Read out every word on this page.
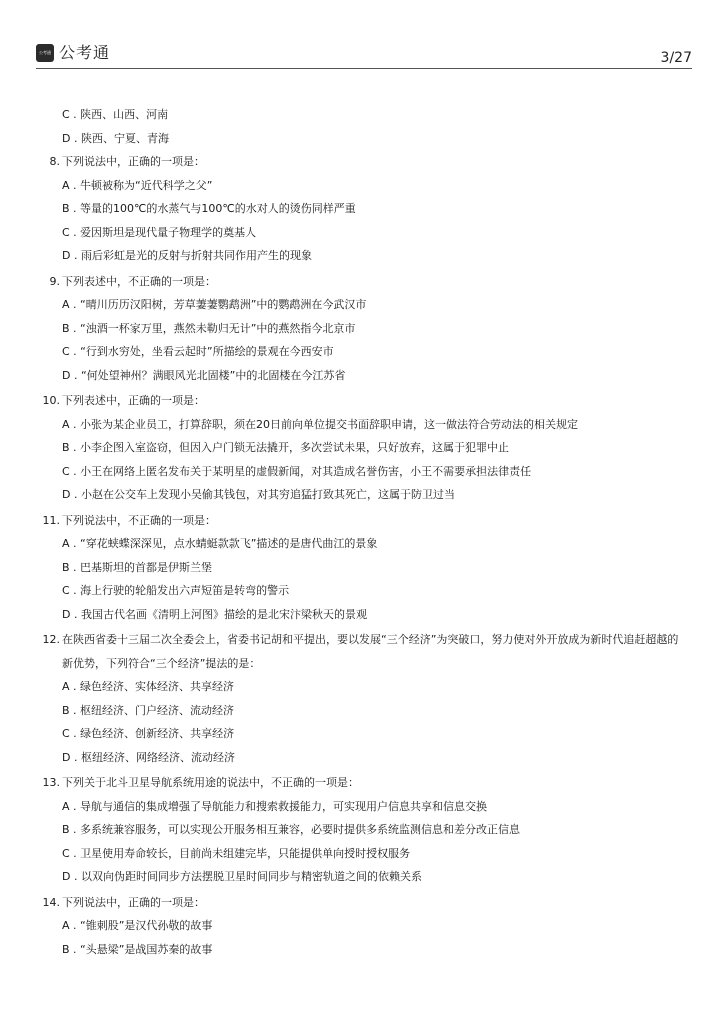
公考通 公考通	3/27
C . 陕西、山西、河南
D . 陕西、宁夏、青海
8. 下列说法中，正确的一项是：
A . 牛顿被称为“近代科学之父”
B . 等量的100℃的水蒸气与100℃的水对人的烫伤同样严重
C . 爱因斯坦是现代量子物理学的奠基人
D . 雨后彩虹是光的反射与折射共同作用产生的现象
9. 下列表述中，不正确的一项是：
A . “晴川历历汉阳树，芳草萋萋鹦鹉洲”中的鹦鹉洲在今武汉市
B . “浊酒一杯家万里，燕然未勒归无计”中的燕然指今北京市
C . “行到水穷处，坐看云起时”所描绘的景观在今西安市
D . “何处望神州？满眼风光北固楼”中的北固楼在今江苏省
10. 下列表述中，正确的一项是：
A . 小张为某企业员工，打算辞职，须在20日前向单位提交书面辞职申请，这一做法符合劳动法的相关规定
B . 小李企图入室盗窃，但因入户门锁无法撬开，多次尝试未果，只好放弃，这属于犯罪中止
C . 小王在网络上匿名发布关于某明星的虚假新闻，对其造成名誉伤害，小王不需要承担法律责任
D . 小赵在公交车上发现小吴偷其钱包，对其穷追猛打致其死亡，这属于防卫过当
11. 下列说法中，不正确的一项是：
A . “穿花蛱蝶深深见，点水蜻蜓款款飞”描述的是唐代曲江的景象
B . 巴基斯坦的首都是伊斯兰堡
C . 海上行驶的轮船发出六声短笛是转弯的警示
D . 我国古代名画《清明上河图》描绘的是北宋汴梁秋天的景观
12. 在陕西省委十三届二次全委会上，省委书记胡和平提出，要以发展“三个经济”为突破口，努力使对外开放成为新时代追赶超越的新优势，下列符合“三个经济”提法的是：
A . 绿色经济、实体经济、共享经济
B . 枢纽经济、门户经济、流动经济
C . 绿色经济、创新经济、共享经济
D . 枢纽经济、网络经济、流动经济
13. 下列关于北斗卫星导航系统用途的说法中，不正确的一项是：
A . 导航与通信的集成增强了导航能力和搜索救援能力，可实现用户信息共享和信息交换
B . 多系统兼容服务，可以实现公开服务相互兼容，必要时提供多系统监测信息和差分改正信息
C . 卫星使用寿命较长，目前尚未组建完毕，只能提供单向授时授权服务
D . 以双向伪距时间同步方法摆脱卫星时间同步与精密轨道之间的依赖关系
14. 下列说法中，正确的一项是：
A . “锥刺股”是汉代孙敬的故事
B . “头悬梁”是战国苏秦的故事
